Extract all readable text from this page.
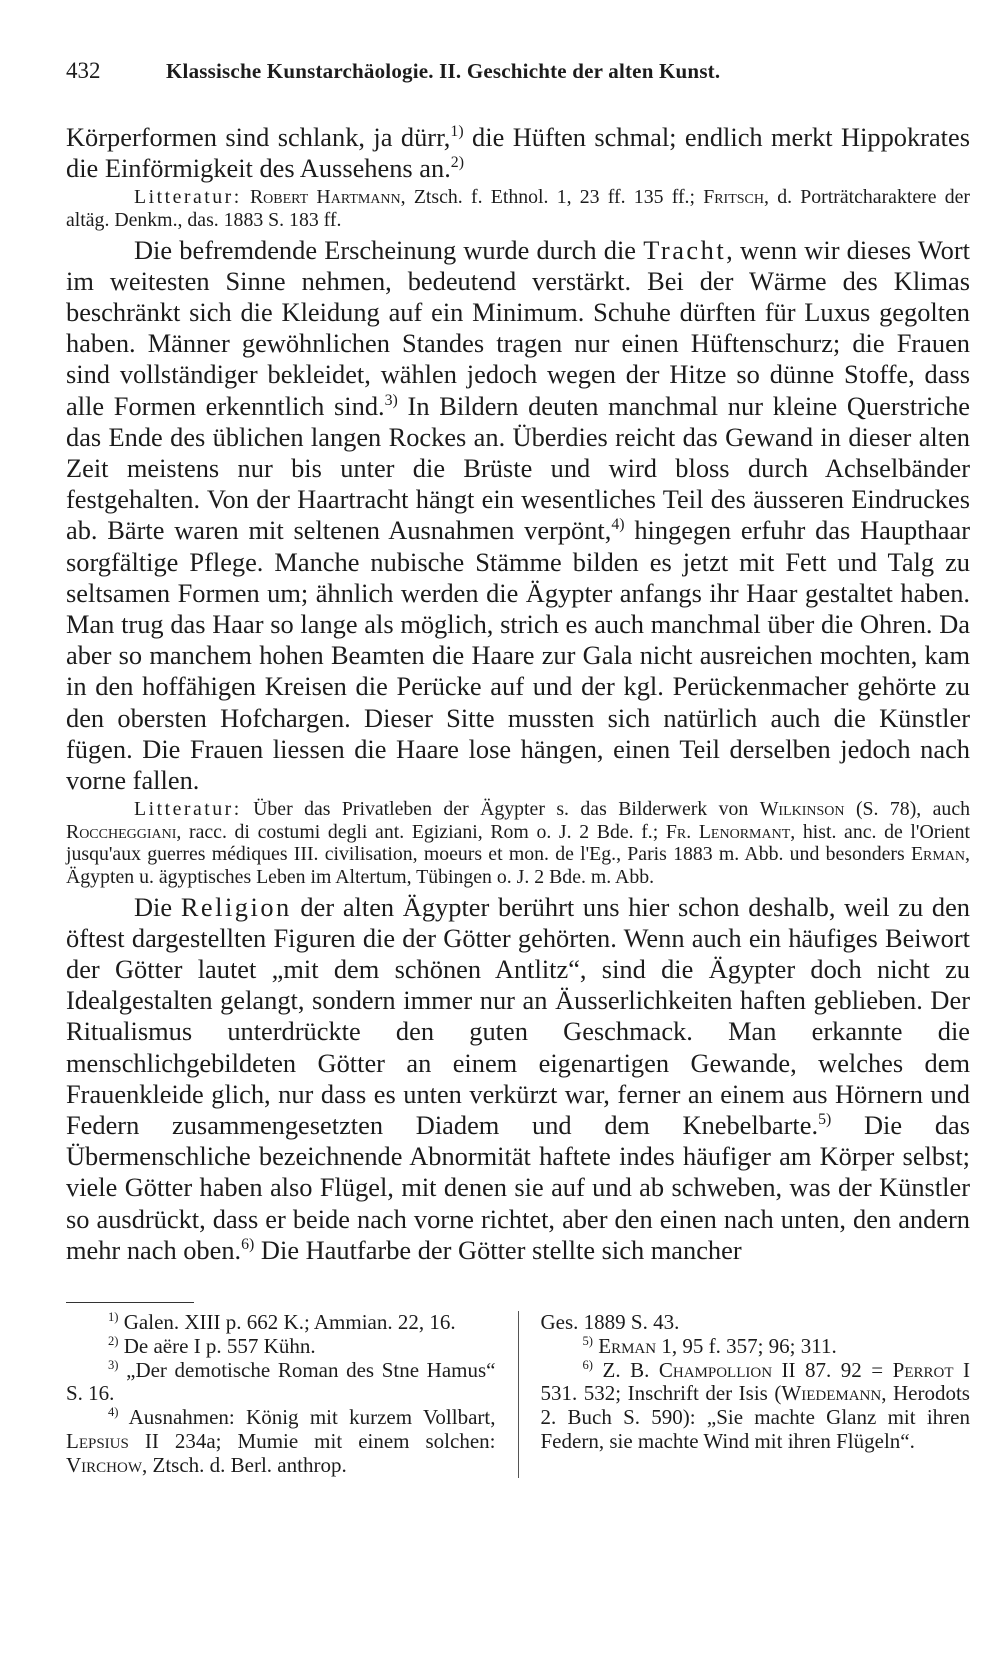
432	Klassische Kunstarchäologie. II. Geschichte der alten Kunst.

Körperformen sind schlank, ja dürr,$^{1)}$ die Hüften schmal; endlich merkt Hippokrates die Einförmigkeit des Aussehens an.$^{2)}$

Litteratur: Robert Hartmann, Ztsch. f. Ethnol. 1, 23 ff. 135 ff.; Fritsch, d. Porträtcharaktere der altäg. Denkm., das. 1883 S. 183 ff.

Die befremdende Erscheinung wurde durch die Tracht, wenn wir dieses Wort im weitesten Sinne nehmen, bedeutend verstärkt. Bei der Wärme des Klimas beschränkt sich die Kleidung auf ein Minimum. Schuhe dürften für Luxus gegolten haben. Männer gewöhnlichen Standes tragen nur einen Hüftenschurz; die Frauen sind vollständiger bekleidet, wählen jedoch wegen der Hitze so dünne Stoffe, dass alle Formen erkenntlich sind.$^{3)}$ In Bildern deuten manchmal nur kleine Querstriche das Ende des üblichen langen Rockes an. Überdies reicht das Gewand in dieser alten Zeit meistens nur bis unter die Brüste und wird bloss durch Achselbänder festgehalten. Von der Haartracht hängt ein wesentliches Teil des äusseren Eindruckes ab. Bärte waren mit seltenen Ausnahmen verpönt,$^{4)}$ hingegen erfuhr das Haupthaar sorgfältige Pflege. Manche nubische Stämme bilden es jetzt mit Fett und Talg zu seltsamen Formen um; ähnlich werden die Ägypter anfangs ihr Haar gestaltet haben. Man trug das Haar so lange als möglich, strich es auch manchmal über die Ohren. Da aber so manchem hohen Beamten die Haare zur Gala nicht ausreichen mochten, kam in den hoffähigen Kreisen die Perücke auf und der kgl. Perückenmacher gehörte zu den obersten Hofchargen. Dieser Sitte mussten sich natürlich auch die Künstler fügen. Die Frauen liessen die Haare lose hängen, einen Teil derselben jedoch nach vorne fallen.

Litteratur: Über das Privatleben der Ägypter s. das Bilderwerk von Wilkinson (S. 78), auch Roccheggiani, racc. di costumi degli ant. Egiziani, Rom o. J. 2 Bde. f.; Fr. Lenormant, hist. anc. de l'Orient jusqu'aux guerres médiques III. civilisation, moeurs et mon. de l'Eg., Paris 1883 m. Abb. und besonders Erman, Ägypten u. ägyptisches Leben im Altertum, Tübingen o. J. 2 Bde. m. Abb.

Die Religion der alten Ägypter berührt uns hier schon deshalb, weil zu den öftest dargestellten Figuren die der Götter gehörten. Wenn auch ein häufiges Beiwort der Götter lautet „mit dem schönen Antlitz“, sind die Ägypter doch nicht zu Idealgestalten gelangt, sondern immer nur an Äusserlichkeiten haften geblieben. Der Ritualismus unterdrückte den guten Geschmack. Man erkannte die menschlichgebildeten Götter an einem eigenartigen Gewande, welches dem Frauenkleide glich, nur dass es unten verkürzt war, ferner an einem aus Hörnern und Federn zusammengesetzten Diadem und dem Knebelbarte.$^{5)}$ Die das Übermenschliche bezeichnende Abnormität haftete indes häufiger am Körper selbst; viele Götter haben also Flügel, mit denen sie auf und ab schweben, was der Künstler so ausdrückt, dass er beide nach vorne richtet, aber den einen nach unten, den andern mehr nach oben.$^{6)}$ Die Hautfarbe der Götter stellte sich mancher

$^{1)}$ Galen. XIII p. 662 K.; Ammian. 22, 16.

$^{2)}$ De aëre I p. 557 Kühn.

$^{3)}$ „Der demotische Roman des Stne Hamus“ S. 16.

$^{4)}$ Ausnahmen: König mit kurzem Vollbart, Lepsius II 234a; Mumie mit einem solchen: Virchow, Ztsch. d. Berl. anthrop.

Ges. 1889 S. 43.

$^{5)}$ Erman 1, 95 f. 357; 96; 311.

$^{6)}$ Z. B. Champollion II 87. 92 = Perrot I 531. 532; Inschrift der Isis (Wiedemann, Herodots 2. Buch S. 590): „Sie machte Glanz mit ihren Federn, sie machte Wind mit ihren Flügeln“.
